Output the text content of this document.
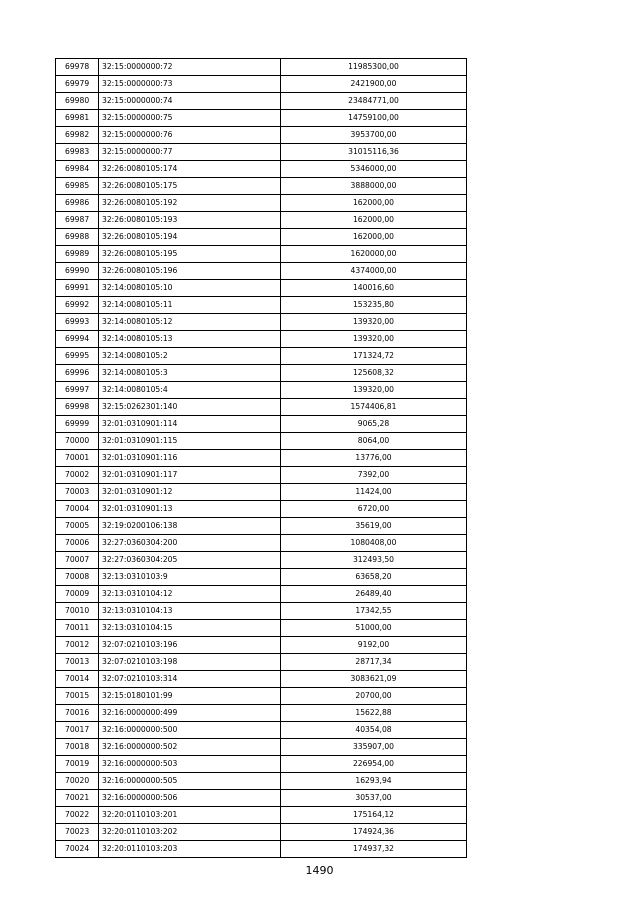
69978	32:15:0000000:72	11985300,00
69979	32:15:0000000:73	2421900,00
69980	32:15:0000000:74	23484771,00
69981	32:15:0000000:75	14759100,00
69982	32:15:0000000:76	3953700,00
69983	32:15:0000000:77	31015116,36
69984	32:26:0080105:174	5346000,00
69985	32:26:0080105:175	3888000,00
69986	32:26:0080105:192	162000,00
69987	32:26:0080105:193	162000,00
69988	32:26:0080105:194	162000,00
69989	32:26:0080105:195	1620000,00
69990	32:26:0080105:196	4374000,00
69991	32:14:0080105:10	140016,60
69992	32:14:0080105:11	153235,80
69993	32:14:0080105:12	139320,00
69994	32:14:0080105:13	139320,00
69995	32:14:0080105:2	171324,72
69996	32:14:0080105:3	125608,32
69997	32:14:0080105:4	139320,00
69998	32:15:0262301:140	1574406,81
69999	32:01:0310901:114	9065,28
70000	32:01:0310901:115	8064,00
70001	32:01:0310901:116	13776,00
70002	32:01:0310901:117	7392,00
70003	32:01:0310901:12	11424,00
70004	32:01:0310901:13	6720,00
70005	32:19:0200106:138	35619,00
70006	32:27:0360304:200	1080408,00
70007	32:27:0360304:205	312493,50
70008	32:13:0310103:9	63658,20
70009	32:13:0310104:12	26489,40
70010	32:13:0310104:13	17342,55
70011	32:13:0310104:15	51000,00
70012	32:07:0210103:196	9192,00
70013	32:07:0210103:198	28717,34
70014	32:07:0210103:314	3083621,09
70015	32:15:0180101:99	20700,00
70016	32:16:0000000:499	15622,88
70017	32:16:0000000:500	40354,08
70018	32:16:0000000:502	335907,00
70019	32:16:0000000:503	226954,00
70020	32:16:0000000:505	16293,94
70021	32:16:0000000:506	30537,00
70022	32:20:0110103:201	175164,12
70023	32:20:0110103:202	174924,36
70024	32:20:0110103:203	174937,32
1490
